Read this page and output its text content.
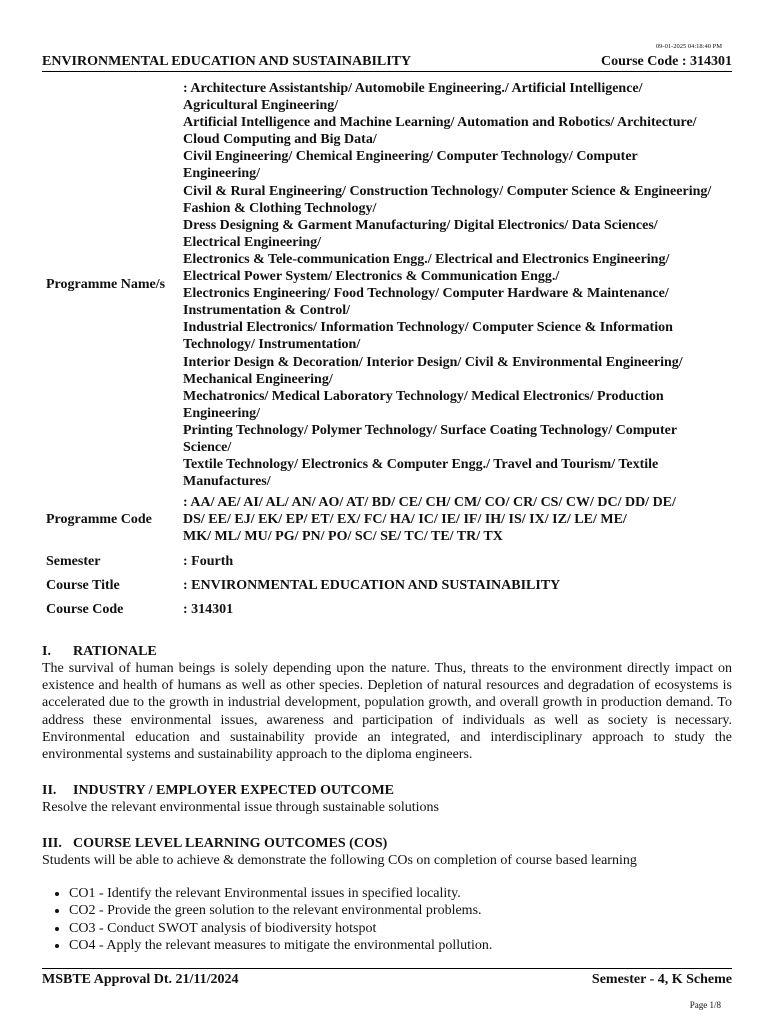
09-01-2025 04:18:40 PM
ENVIRONMENTAL EDUCATION AND SUSTAINABILITY	Course Code : 314301
Programme Name/s
: Architecture Assistantship/ Automobile Engineering./ Artificial Intelligence/
Agricultural Engineering/
Artificial Intelligence and Machine Learning/ Automation and Robotics/ Architecture/
Cloud Computing and Big Data/
Civil Engineering/ Chemical Engineering/ Computer Technology/ Computer
Engineering/
Civil & Rural Engineering/ Construction Technology/ Computer Science & Engineering/
Fashion & Clothing Technology/
Dress Designing & Garment Manufacturing/ Digital Electronics/ Data Sciences/
Electrical Engineering/
Electronics & Tele-communication Engg./ Electrical and Electronics Engineering/
Electrical Power System/ Electronics & Communication Engg./
Electronics Engineering/ Food Technology/ Computer Hardware & Maintenance/
Instrumentation & Control/
Industrial Electronics/ Information Technology/ Computer Science & Information
Technology/ Instrumentation/
Interior Design & Decoration/ Interior Design/ Civil & Environmental Engineering/
Mechanical Engineering/
Mechatronics/ Medical Laboratory Technology/ Medical Electronics/ Production
Engineering/
Printing Technology/ Polymer Technology/ Surface Coating Technology/ Computer
Science/
Textile Technology/ Electronics & Computer Engg./ Travel and Tourism/ Textile
Manufactures/
Programme Code
: AA/ AE/ AI/ AL/ AN/ AO/ AT/ BD/ CE/ CH/ CM/ CO/ CR/ CS/ CW/ DC/ DD/ DE/
DS/ EE/ EJ/ EK/ EP/ ET/ EX/ FC/ HA/ IC/ IE/ IF/ IH/ IS/ IX/ IZ/ LE/ ME/
MK/ ML/ MU/ PG/ PN/ PO/ SC/ SE/ TC/ TE/ TR/ TX
Semester	: Fourth
Course Title	: ENVIRONMENTAL EDUCATION AND SUSTAINABILITY
Course Code	: 314301
I. RATIONALE
The survival of human beings is solely depending upon the nature. Thus, threats to the environment directly impact on existence and health of humans as well as other species. Depletion of natural resources and degradation of ecosystems is accelerated due to the growth in industrial development, population growth, and overall growth in production demand. To address these environmental issues, awareness and participation of individuals as well as society is necessary. Environmental education and sustainability provide an integrated, and interdisciplinary approach to study the environmental systems and sustainability approach to the diploma engineers.
II. INDUSTRY / EMPLOYER EXPECTED OUTCOME
Resolve the relevant environmental issue through sustainable solutions
III. COURSE LEVEL LEARNING OUTCOMES (COS)
Students will be able to achieve & demonstrate the following COs on completion of course based learning
• CO1 - Identify the relevant Environmental issues in specified locality.
• CO2 - Provide the green solution to the relevant environmental problems.
• CO3 - Conduct SWOT analysis of biodiversity hotspot
• CO4 - Apply the relevant measures to mitigate the environmental pollution.
MSBTE Approval Dt. 21/11/2024	Semester - 4, K Scheme
Page 1/8
